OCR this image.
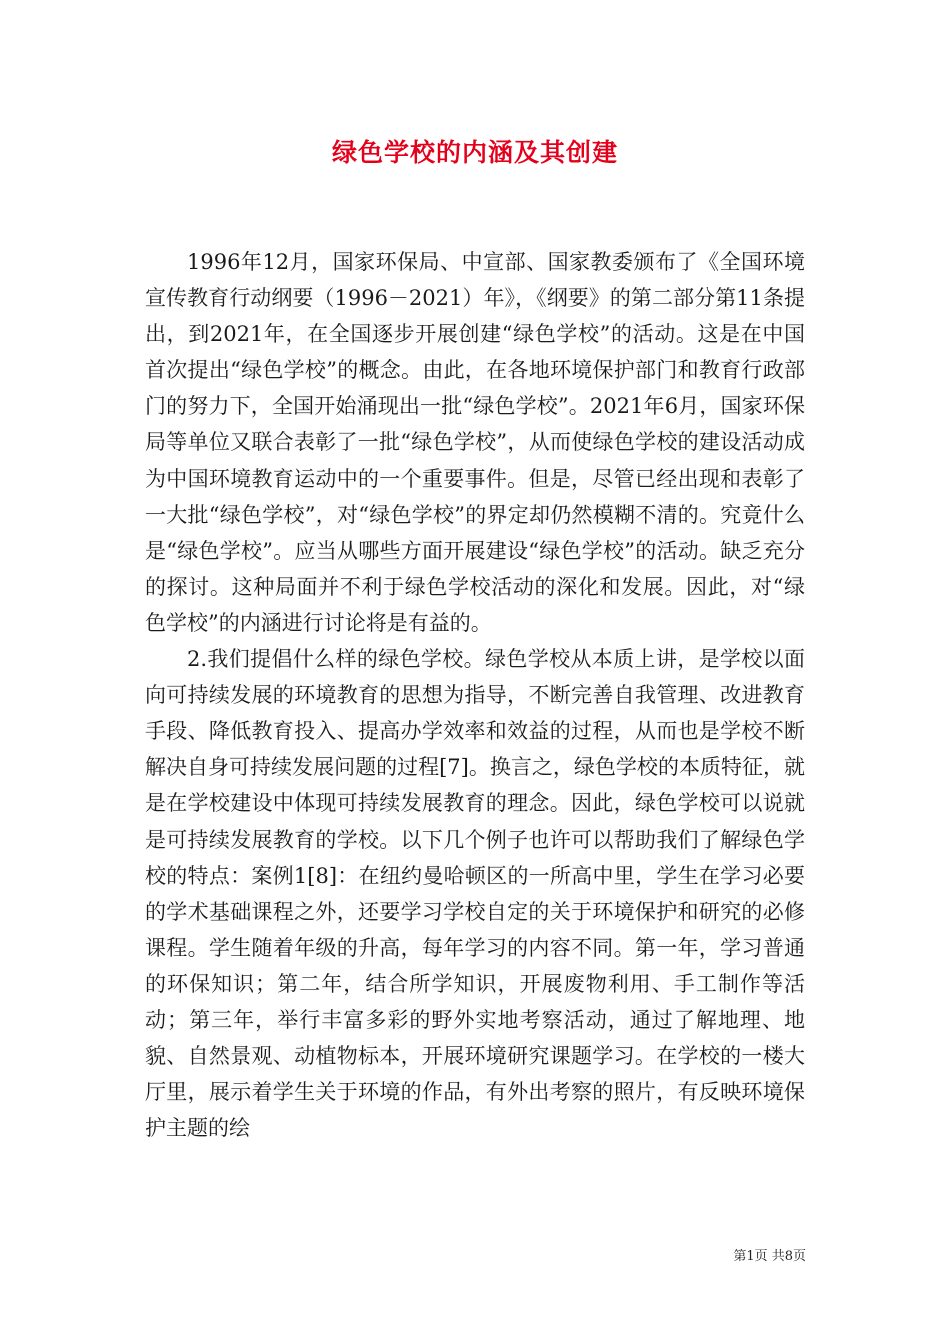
绿色学校的内涵及其创建

1996年12月，国家环保局、中宣部、国家教委颁布了《全国环境宣传教育行动纲要（1996－2021）年》，《纲要》的第二部分第11条提出，到2021年，在全国逐步开展创建“绿色学校”的活动。这是在中国首次提出“绿色学校”的概念。由此，在各地环境保护部门和教育行政部门的努力下，全国开始涌现出一批“绿色学校”。2021年6月，国家环保局等单位又联合表彰了一批“绿色学校”，从而使绿色学校的建设活动成为中国环境教育运动中的一个重要事件。但是，尽管已经出现和表彰了一大批“绿色学校”，对“绿色学校”的界定却仍然模糊不清的。究竟什么是“绿色学校”。应当从哪些方面开展建设“绿色学校”的活动。缺乏充分的探讨。这种局面并不利于绿色学校活动的深化和发展。因此，对“绿色学校”的内涵进行讨论将是有益的。

2.我们提倡什么样的绿色学校。绿色学校从本质上讲，是学校以面向可持续发展的环境教育的思想为指导，不断完善自我管理、改进教育手段、降低教育投入、提高办学效率和效益的过程，从而也是学校不断解决自身可持续发展问题的过程[7]。换言之，绿色学校的本质特征，就是在学校建设中体现可持续发展教育的理念。因此，绿色学校可以说就是可持续发展教育的学校。以下几个例子也许可以帮助我们了解绿色学校的特点：案例1[8]：在纽约曼哈顿区的一所高中里，学生在学习必要的学术基础课程之外，还要学习学校自定的关于环境保护和研究的必修课程。学生随着年级的升高，每年学习的内容不同。第一年，学习普通的环保知识；第二年，结合所学知识，开展废物利用、手工制作等活动；第三年，举行丰富多彩的野外实地考察活动，通过了解地理、地貌、自然景观、动植物标本，开展环境研究课题学习。在学校的一楼大厅里，展示着学生关于环境的作品，有外出考察的照片，有反映环境保护主题的绘

第1页 共8页
